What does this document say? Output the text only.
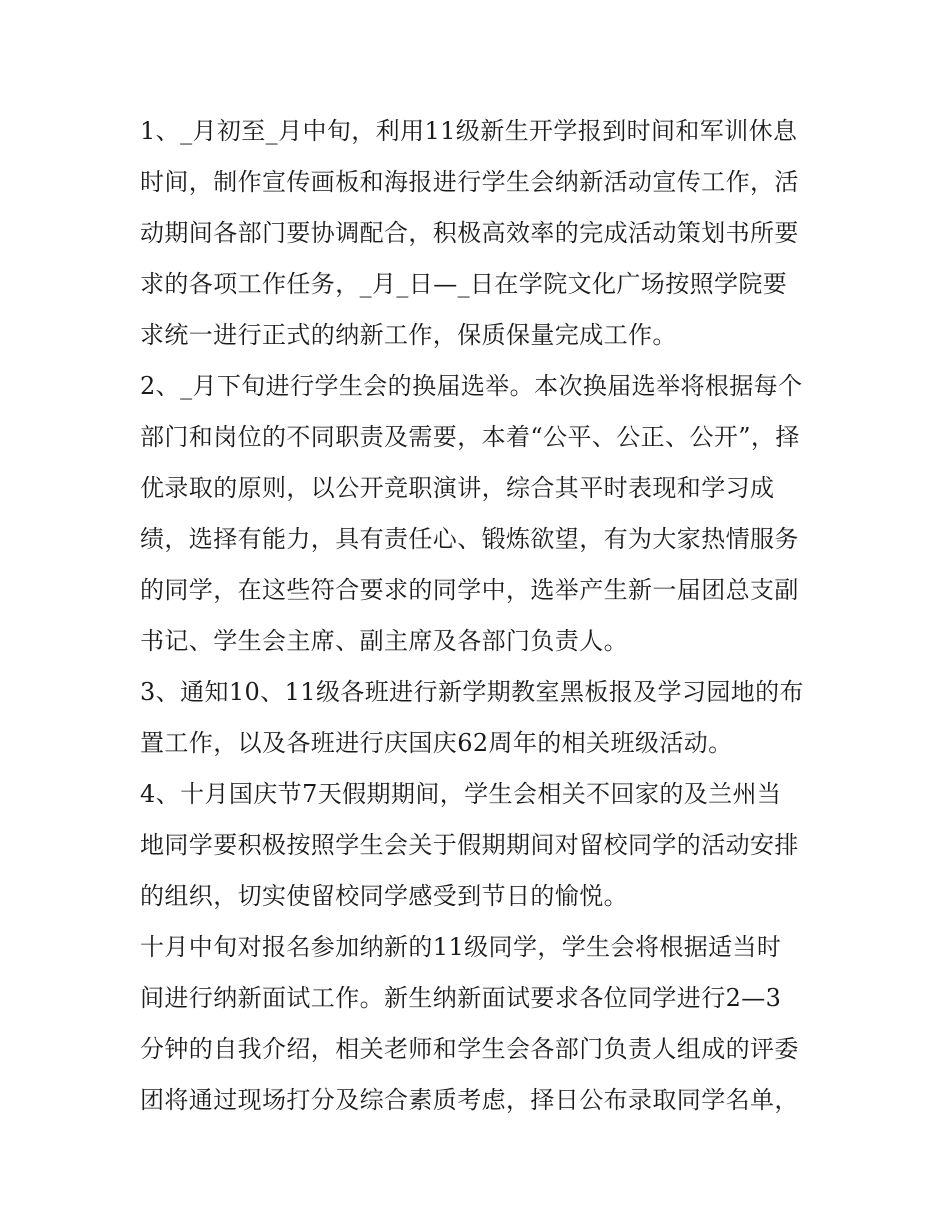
1、_月初至_月中旬，利用11级新生开学报到时间和军训休息
时间，制作宣传画板和海报进行学生会纳新活动宣传工作，活
动期间各部门要协调配合，积极高效率的完成活动策划书所要
求的各项工作任务，_月_日—_日在学院文化广场按照学院要
求统一进行正式的纳新工作，保质保量完成工作。

2、_月下旬进行学生会的换届选举。本次换届选举将根据每个
部门和岗位的不同职责及需要，本着“公平、公正、公开”，择
优录取的原则，以公开竞职演讲，综合其平时表现和学习成
绩，选择有能力，具有责任心、锻炼欲望，有为大家热情服务
的同学，在这些符合要求的同学中，选举产生新一届团总支副
书记、学生会主席、副主席及各部门负责人。

3、通知10、11级各班进行新学期教室黑板报及学习园地的布
置工作，以及各班进行庆国庆62周年的相关班级活动。

4、十月国庆节7天假期期间，学生会相关不回家的及兰州当
地同学要积极按照学生会关于假期期间对留校同学的活动安排
的组织，切实使留校同学感受到节日的愉悦。

十月中旬对报名参加纳新的11级同学，学生会将根据适当时
间进行纳新面试工作。新生纳新面试要求各位同学进行2—3
分钟的自我介绍，相关老师和学生会各部门负责人组成的评委
团将通过现场打分及综合素质考虑，择日公布录取同学名单，
